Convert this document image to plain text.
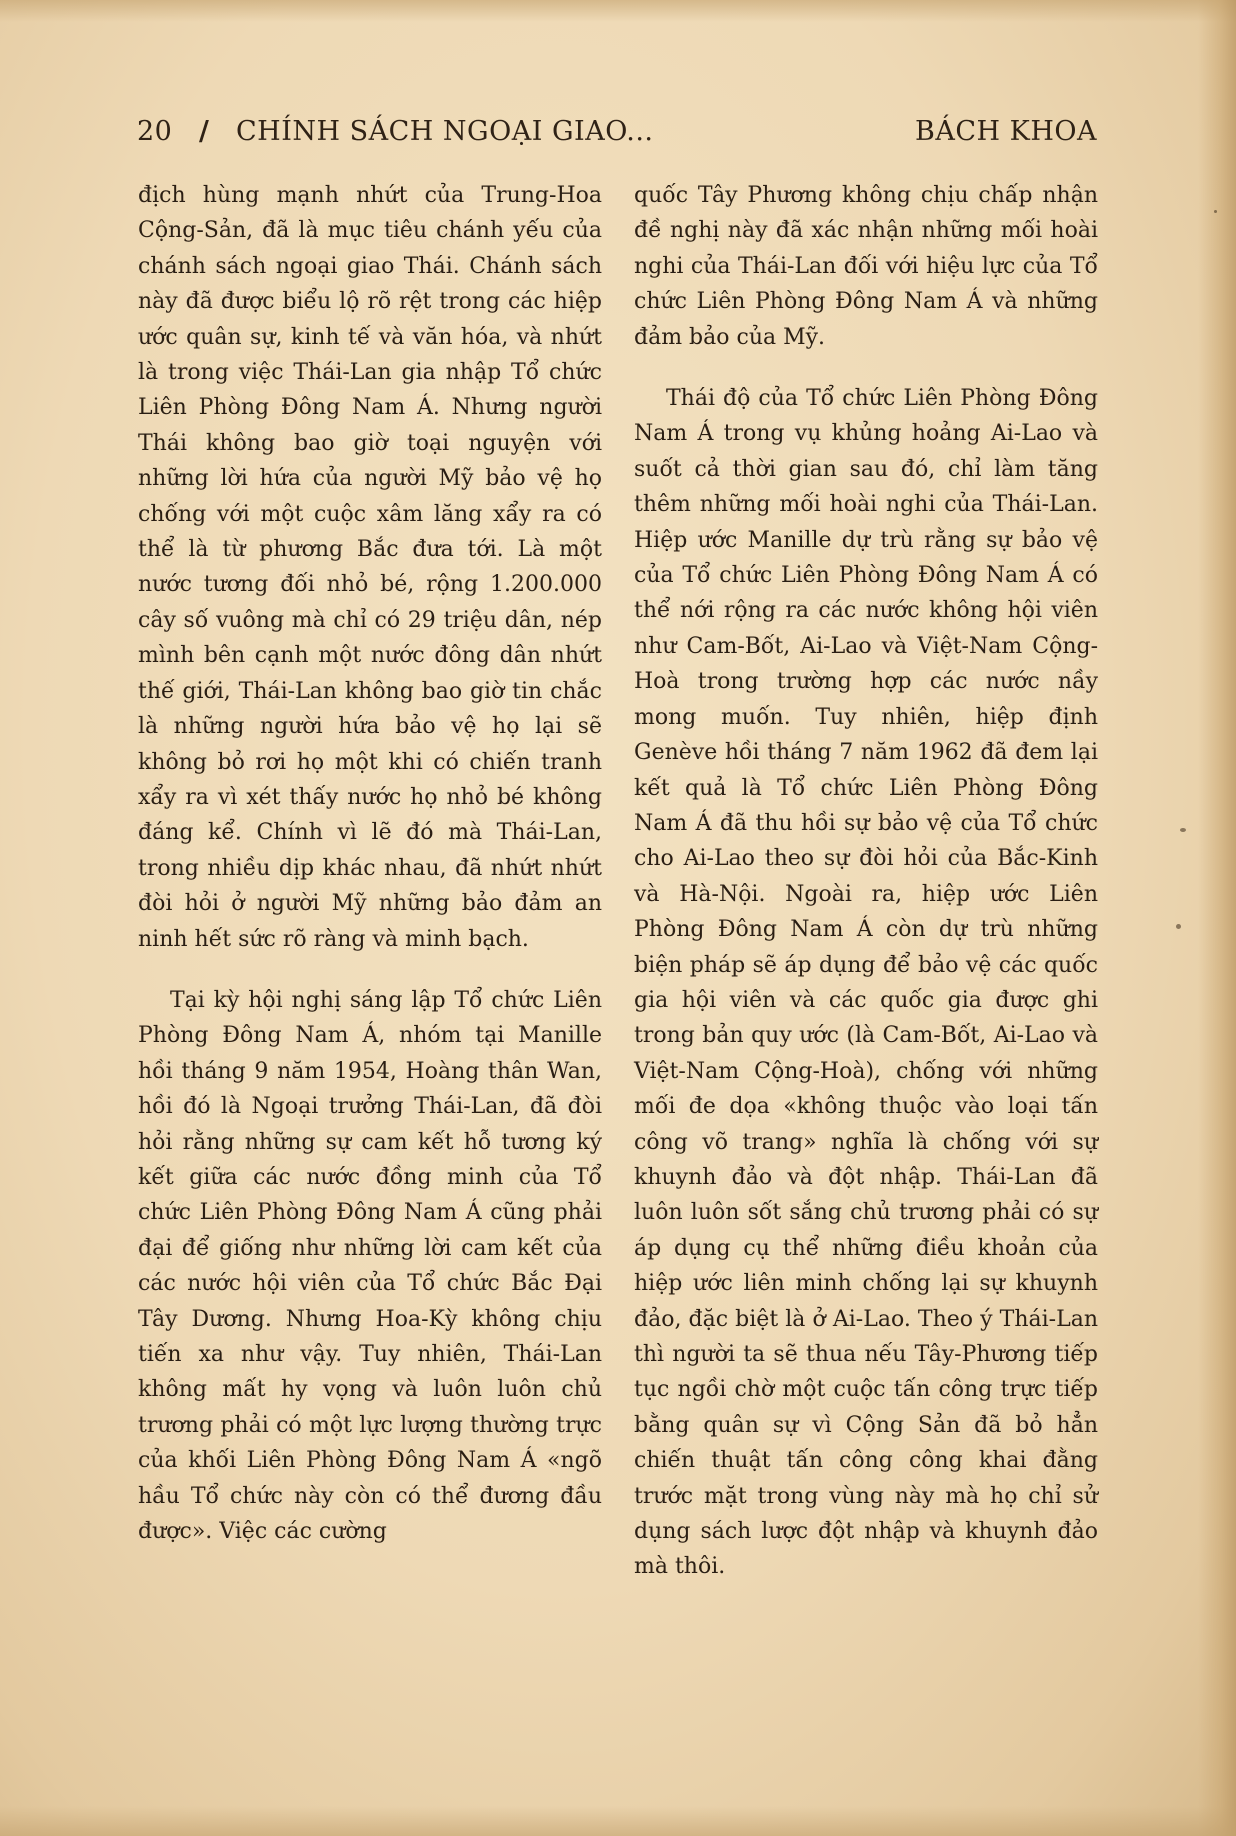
20 / CHÍNH SÁCH NGOẠI GIAO...	BÁCH KHOA

địch hùng mạnh nhứt của Trung-Hoa Cộng-Sản, đã là mục tiêu chánh yếu của chánh sách ngoại giao Thái. Chánh sách này đã được biểu lộ rõ rệt trong các hiệp ước quân sự, kinh tế và văn hóa, và nhứt là trong việc Thái-Lan gia nhập Tổ chức Liên Phòng Đông Nam Á. Nhưng người Thái không bao giờ toại nguyện với những lời hứa của người Mỹ bảo vệ họ chống với một cuộc xâm lăng xẩy ra có thể là từ phương Bắc đưa tới. Là một nước tương đối nhỏ bé, rộng 1.200.000 cây số vuông mà chỉ có 29 triệu dân, nép mình bên cạnh một nước đông dân nhứt thế giới, Thái-Lan không bao giờ tin chắc là những người hứa bảo vệ họ lại sẽ không bỏ rơi họ một khi có chiến tranh xẩy ra vì xét thấy nước họ nhỏ bé không đáng kể. Chính vì lẽ đó mà Thái-Lan, trong nhiều dịp khác nhau, đã nhứt nhứt đòi hỏi ở người Mỹ những bảo đảm an ninh hết sức rõ ràng và minh bạch.

Tại kỳ hội nghị sáng lập Tổ chức Liên Phòng Đông Nam Á, nhóm tại Manille hồi tháng 9 năm 1954, Hoàng thân Wan, hồi đó là Ngoại trưởng Thái-Lan, đã đòi hỏi rằng những sự cam kết hỗ tương ký kết giữa các nước đồng minh của Tổ chức Liên Phòng Đông Nam Á cũng phải đại để giống như những lời cam kết của các nước hội viên của Tổ chức Bắc Đại Tây Dương. Nhưng Hoa-Kỳ không chịu tiến xa như vậy. Tuy nhiên, Thái-Lan không mất hy vọng và luôn luôn chủ trương phải có một lực lượng thường trực của khối Liên Phòng Đông Nam Á «ngõ hầu Tổ chức này còn có thể đương đầu được». Việc các cường

quốc Tây Phương không chịu chấp nhận đề nghị này đã xác nhận những mối hoài nghi của Thái-Lan đối với hiệu lực của Tổ chức Liên Phòng Đông Nam Á và những đảm bảo của Mỹ.

Thái độ của Tổ chức Liên Phòng Đông Nam Á trong vụ khủng hoảng Ai-Lao và suốt cả thời gian sau đó, chỉ làm tăng thêm những mối hoài nghi của Thái-Lan. Hiệp ước Manille dự trù rằng sự bảo vệ của Tổ chức Liên Phòng Đông Nam Á có thể nới rộng ra các nước không hội viên như Cam-Bốt, Ai-Lao và Việt-Nam Cộng-Hoà trong trường hợp các nước nầy mong muốn. Tuy nhiên, hiệp định Genève hồi tháng 7 năm 1962 đã đem lại kết quả là Tổ chức Liên Phòng Đông Nam Á đã thu hồi sự bảo vệ của Tổ chức cho Ai-Lao theo sự đòi hỏi của Bắc-Kinh và Hà-Nội. Ngoài ra, hiệp ước Liên Phòng Đông Nam Á còn dự trù những biện pháp sẽ áp dụng để bảo vệ các quốc gia hội viên và các quốc gia được ghi trong bản quy ước (là Cam-Bốt, Ai-Lao và Việt-Nam Cộng-Hoà), chống với những mối đe dọa «không thuộc vào loại tấn công võ trang» nghĩa là chống với sự khuynh đảo và đột nhập. Thái-Lan đã luôn luôn sốt sắng chủ trương phải có sự áp dụng cụ thể những điều khoản của hiệp ước liên minh chống lại sự khuynh đảo, đặc biệt là ở Ai-Lao. Theo ý Thái-Lan thì người ta sẽ thua nếu Tây-Phương tiếp tục ngồi chờ một cuộc tấn công trực tiếp bằng quân sự vì Cộng Sản đã bỏ hẳn chiến thuật tấn công công khai đằng trước mặt trong vùng này mà họ chỉ sử dụng sách lược đột nhập và khuynh đảo mà thôi.
